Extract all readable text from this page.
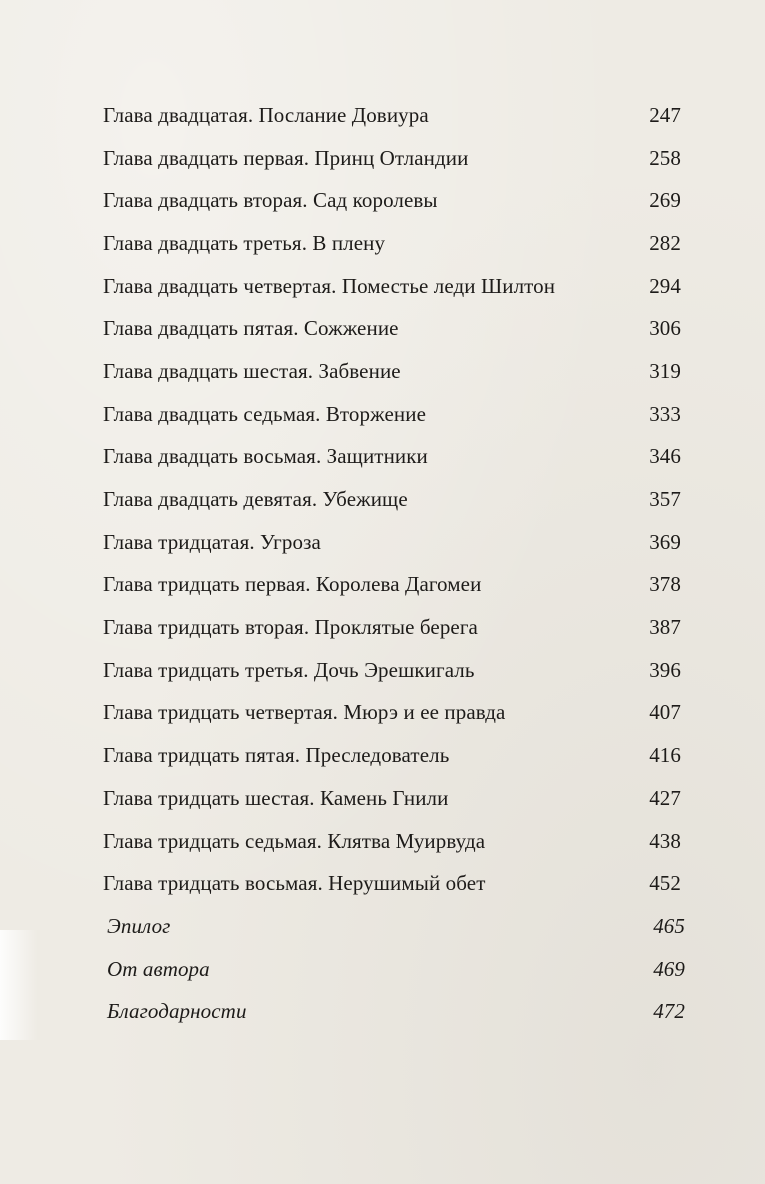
Глава двадцатая. Послание Довиура	247
Глава двадцать первая. Принц Отландии	258
Глава двадцать вторая. Сад королевы	269
Глава двадцать третья. В плену	282
Глава двадцать четвертая. Поместье леди Шилтон	294
Глава двадцать пятая. Сожжение	306
Глава двадцать шестая. Забвение	319
Глава двадцать седьмая. Вторжение	333
Глава двадцать восьмая. Защитники	346
Глава двадцать девятая. Убежище	357
Глава тридцатая. Угроза	369
Глава тридцать первая. Королева Дагомеи	378
Глава тридцать вторая. Проклятые берега	387
Глава тридцать третья. Дочь Эрешкигаль	396
Глава тридцать четвертая. Мюрэ и ее правда	407
Глава тридцать пятая. Преследователь	416
Глава тридцать шестая. Камень Гнили	427
Глава тридцать седьмая. Клятва Муирвуда	438
Глава тридцать восьмая. Нерушимый обет	452
Эпилог	465
От автора	469
Благодарности	472
